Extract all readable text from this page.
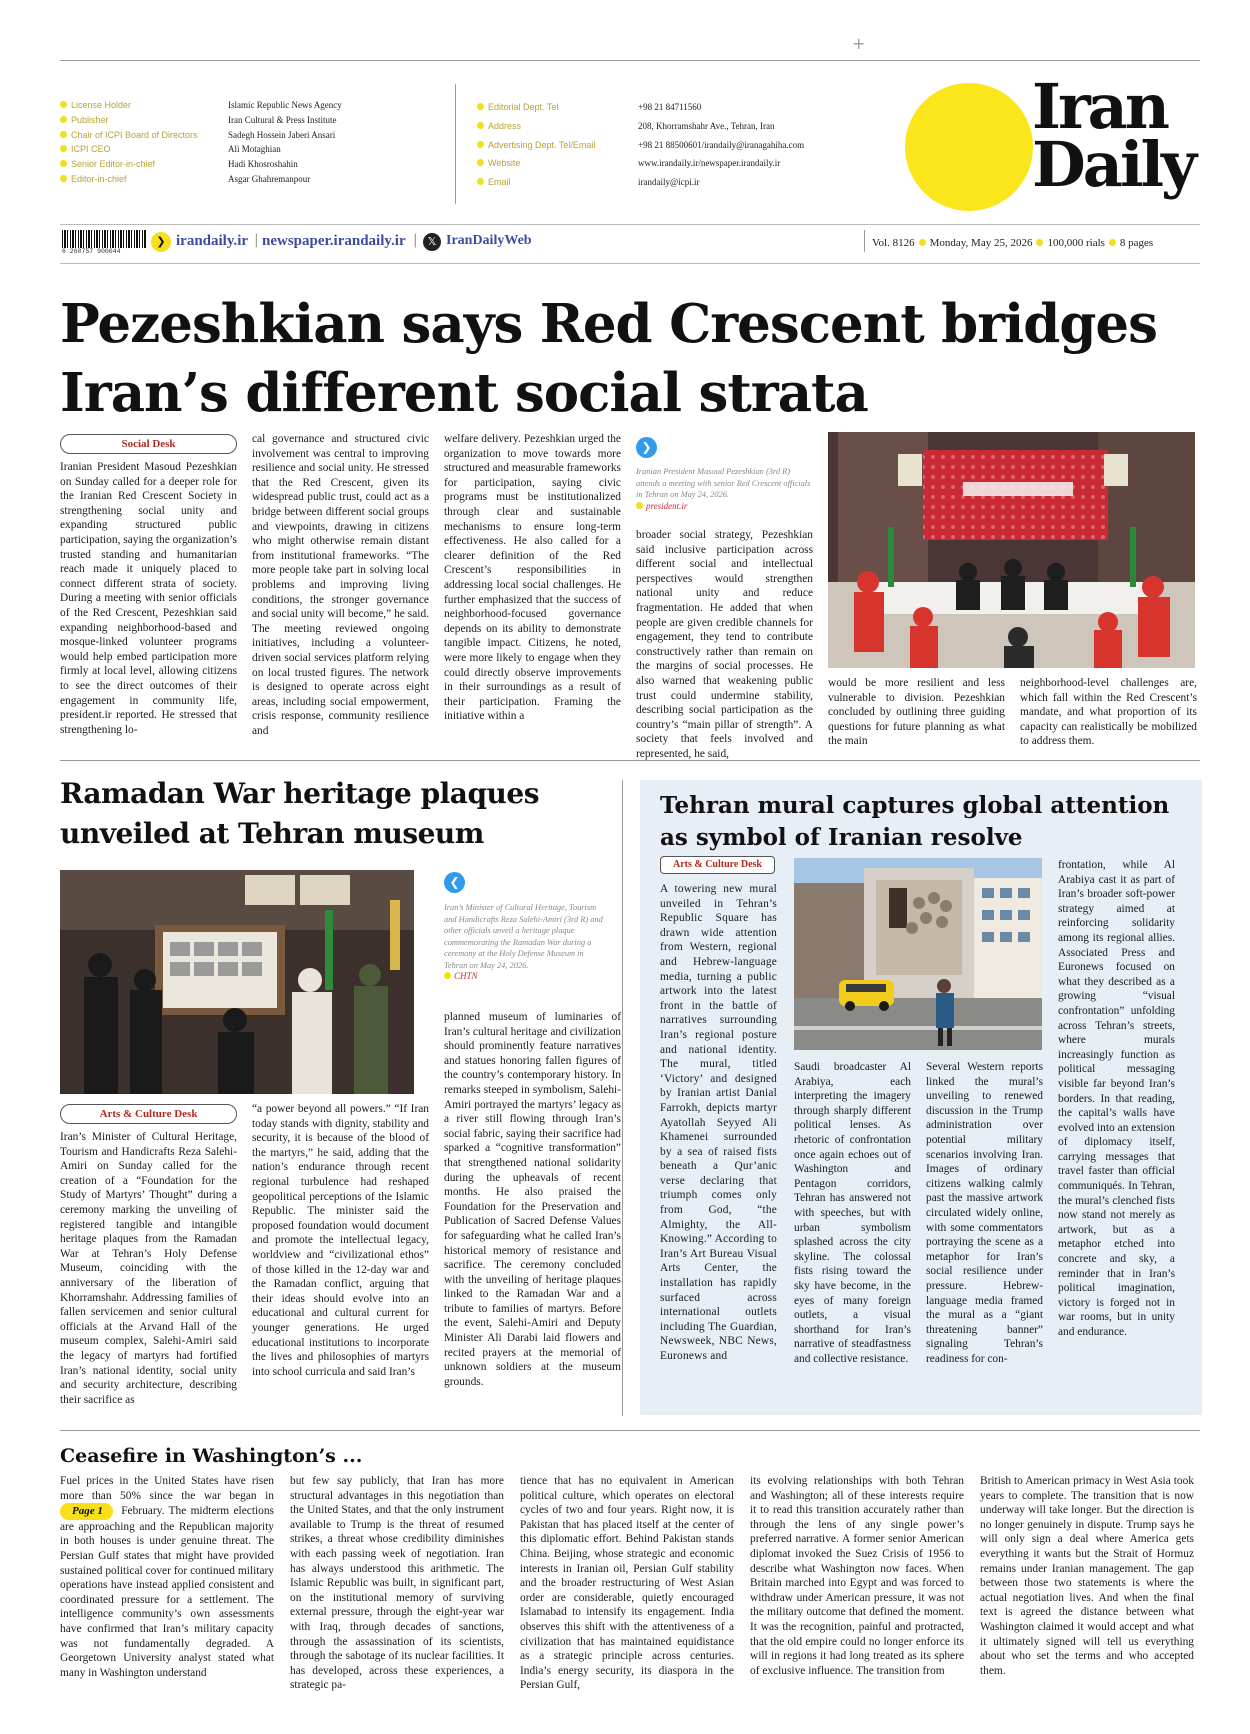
+
License Holder
Publisher
Chair of ICPI Board of Directors
ICPI CEO
Senior Editor-in-chief
Editor-in-chief
Islamic Republic News Agency
Iran Cultural & Press Institute
Sadegh Hossein Jaberi Ansari
Ali Motaghian
Hadi Khosroshahin
Asgar Ghahremanpour
Editorial Dept. Tel
Address
Advertising Dept. Tel/Email
Website
Email
+98 21 84711560
208, Khorramshahr Ave., Tehran, Iran
+98 21 88500601/irandaily@iranagahiha.com
www.irandaily.ir/newspaper.irandaily.ir
irandaily@icpi.ir
Iran
Daily
6 260757 900044
❯ irandaily.ir | newspaper.irandaily.ir | 𝕏 IranDailyWeb	Vol. 8126 Monday, May 25, 2026 100,000 rials 8 pages
Pezeshkian says Red Crescent bridges
Iran’s different social strata
Social Desk
Iranian President Masoud Pezeshkian on Sunday called for a deeper role for the Iranian Red Crescent Society in strengthening social unity and expanding structured public participation, saying the organization’s trusted standing and humanitarian reach made it uniquely placed to connect different strata of society. During a meeting with senior officials of the Red Crescent, Pezeshkian said expanding neighborhood-based and mosque-linked volunteer programs would help embed participation more firmly at local level, allowing citizens to see the direct outcomes of their engagement in community life, president.ir reported. He stressed that strengthening lo-
cal governance and structured civic involvement was central to improving resilience and social unity. He stressed that the Red Crescent, given its widespread public trust, could act as a bridge between different social groups and viewpoints, drawing in citizens who might otherwise remain distant from institutional frameworks. “The more people take part in solving local problems and improving living conditions, the stronger governance and social unity will become,” he said. The meeting reviewed ongoing initiatives, including a volunteer-driven social services platform relying on local trusted figures. The network is designed to operate across eight areas, including social empowerment, crisis response, community resilience and
welfare delivery. Pezeshkian urged the organization to move towards more structured and measurable frameworks for participation, saying civic programs must be institutionalized through clear and sustainable mechanisms to ensure long-term effectiveness. He also called for a clearer definition of the Red Crescent’s responsibilities in addressing local social challenges. He further emphasized that the success of neighborhood-focused governance depends on its ability to demonstrate tangible impact. Citizens, he noted, were more likely to engage when they could directly observe improvements in their surroundings as a result of their participation. Framing the initiative within a
❯
Iranian President Masoud Pezeshkian (3rd R) attends a meeting with senior Red Crescent officials in Tehran on May 24, 2026.
president.ir
broader social strategy, Pezeshkian said inclusive participation across different social and intellectual perspectives would strengthen national unity and reduce fragmentation. He added that when people are given credible channels for engagement, they tend to contribute constructively rather than remain on the margins of social processes. He also warned that weakening public trust could undermine stability, describing social participation as the country’s “main pillar of strength”. A society that feels involved and represented, he said,
would be more resilient and less vulnerable to division. Pezeshkian concluded by outlining three guiding questions for future planning as what the main
neighborhood-level challenges are, which fall within the Red Crescent’s mandate, and what proportion of its capacity can realistically be mobilized to address them.
Ramadan War heritage plaques
unveiled at Tehran museum
❮
Iran’s Minister of Cultural Heritage, Tourism and Handicrafts Reza Salehi-Amiri (3rd R) and other officials unveil a heritage plaque commemorating the Ramadan War during a ceremony at the Holy Defense Museum in Tehran on May 24, 2026.
CHTN
Arts & Culture Desk
Iran’s Minister of Cultural Heritage, Tourism and Handicrafts Reza Salehi-Amiri on Sunday called for the creation of a “Foundation for the Study of Martyrs’ Thought” during a ceremony marking the unveiling of registered tangible and intangible heritage plaques from the Ramadan War at Tehran’s Holy Defense Museum, coinciding with the anniversary of the liberation of Khorramshahr. Addressing families of fallen servicemen and senior cultural officials at the Arvand Hall of the museum complex, Salehi-Amiri said the legacy of martyrs had fortified Iran’s national identity, social unity and security architecture, describing their sacrifice as
“a power beyond all powers.” “If Iran today stands with dignity, stability and security, it is because of the blood of the martyrs,” he said, adding that the nation’s endurance through recent regional turbulence had reshaped geopolitical perceptions of the Islamic Republic. The minister said the proposed foundation would document and promote the intellectual legacy, worldview and “civilizational ethos” of those killed in the 12-day war and the Ramadan conflict, arguing that their ideas should evolve into an educational and cultural current for younger generations. He urged educational institutions to incorporate the lives and philosophies of martyrs into school curricula and said Iran’s
planned museum of luminaries of Iran’s cultural heritage and civilization should prominently feature narratives and statues honoring fallen figures of the country’s contemporary history. In remarks steeped in symbolism, Salehi-Amiri portrayed the martyrs’ legacy as a river still flowing through Iran’s social fabric, saying their sacrifice had sparked a “cognitive transformation” that strengthened national solidarity during the upheavals of recent months. He also praised the Foundation for the Preservation and Publication of Sacred Defense Values for safeguarding what he called Iran’s historical memory of resistance and sacrifice. The ceremony concluded with the unveiling of heritage plaques linked to the Ramadan War and a tribute to families of martyrs. Before the event, Salehi-Amiri and Deputy Minister Ali Darabi laid flowers and recited prayers at the memorial of unknown soldiers at the museum grounds.
Tehran mural captures global attention
as symbol of Iranian resolve
Arts & Culture Desk
A towering new mural unveiled in Tehran’s Republic Square has drawn wide attention from Western, regional and Hebrew-language media, turning a public artwork into the latest front in the battle of narratives surrounding Iran’s regional posture and national identity. The mural, titled ‘Victory’ and designed by Iranian artist Danial Farrokh, depicts martyr Ayatollah Seyyed Ali Khamenei surrounded by a sea of raised fists beneath a Qur’anic verse declaring that triumph comes only from God, “the Almighty, the All-Knowing.” According to Iran’s Art Bureau Visual Arts Center, the installation has rapidly surfaced across international outlets including The Guardian, Newsweek, NBC News, Euronews and
Saudi broadcaster Al Arabiya, each interpreting the imagery through sharply different political lenses. As rhetoric of confrontation once again echoes out of Washington and Pentagon corridors, Tehran has answered not with speeches, but with urban symbolism splashed across the city skyline. The colossal fists rising toward the sky have become, in the eyes of many foreign outlets, a visual shorthand for Iran’s narrative of steadfastness and collective resistance.
Several Western reports linked the mural’s unveiling to renewed discussion in the Trump administration over potential military scenarios involving Iran. Images of ordinary citizens walking calmly past the massive artwork circulated widely online, with some commentators portraying the scene as a metaphor for Iran’s social resilience under pressure. Hebrew-language media framed the mural as a “giant threatening banner” signaling Tehran’s readiness for con-
frontation, while Al Arabiya cast it as part of Iran’s broader soft-power strategy aimed at reinforcing solidarity among its regional allies. Associated Press and Euronews focused on what they described as a growing “visual confrontation” unfolding across Tehran’s streets, where murals increasingly function as political messaging visible far beyond Iran’s borders. In that reading, the capital’s walls have evolved into an extension of diplomacy itself, carrying messages that travel faster than official communiqués. In Tehran, the mural’s clenched fists now stand not merely as artwork, but as a metaphor etched into concrete and sky, a reminder that in Iran’s political imagination, victory is forged not in war rooms, but in unity and endurance.
Ceasefire in Washington’s ...
Fuel prices in the United States have risen more than 50% since the war began in Page 1 February. The midterm elections are approaching and the Republican majority in both houses is under genuine threat. The Persian Gulf states that might have provided sustained political cover for continued military operations have instead applied consistent and coordinated pressure for a settlement. The intelligence community’s own assessments have confirmed that Iran’s military capacity was not fundamentally degraded. A Georgetown University analyst stated what many in Washington understand
but few say publicly, that Iran has more structural advantages in this negotiation than the United States, and that the only instrument available to Trump is the threat of resumed strikes, a threat whose credibility diminishes with each passing week of negotiation. Iran has always understood this arithmetic. The Islamic Republic was built, in significant part, on the institutional memory of surviving external pressure, through the eight-year war with Iraq, through decades of sanctions, through the assassination of its scientists, through the sabotage of its nuclear facilities. It has developed, across these experiences, a strategic pa-
tience that has no equivalent in American political culture, which operates on electoral cycles of two and four years. Right now, it is Pakistan that has placed itself at the center of this diplomatic effort. Behind Pakistan stands China. Beijing, whose strategic and economic interests in Iranian oil, Persian Gulf stability and the broader restructuring of West Asian order are considerable, quietly encouraged Islamabad to intensify its engagement. India observes this shift with the attentiveness of a civilization that has maintained equidistance as a strategic principle across centuries. India’s energy security, its diaspora in the Persian Gulf,
its evolving relationships with both Tehran and Washington; all of these interests require it to read this transition accurately rather than through the lens of any single power’s preferred narrative. A former senior American diplomat invoked the Suez Crisis of 1956 to describe what Washington now faces. When Britain marched into Egypt and was forced to withdraw under American pressure, it was not the military outcome that defined the moment. It was the recognition, painful and protracted, that the old empire could no longer enforce its will in regions it had long treated as its sphere of exclusive influence. The transition from
British to American primacy in West Asia took years to complete. The transition that is now underway will take longer. But the direction is no longer genuinely in dispute. Trump says he will only sign a deal where America gets everything it wants but the Strait of Hormuz remains under Iranian management. The gap between those two statements is where the actual negotiation lives. And when the final text is agreed the distance between what Washington claimed it would accept and what it ultimately signed will tell us everything about who set the terms and who accepted them.
